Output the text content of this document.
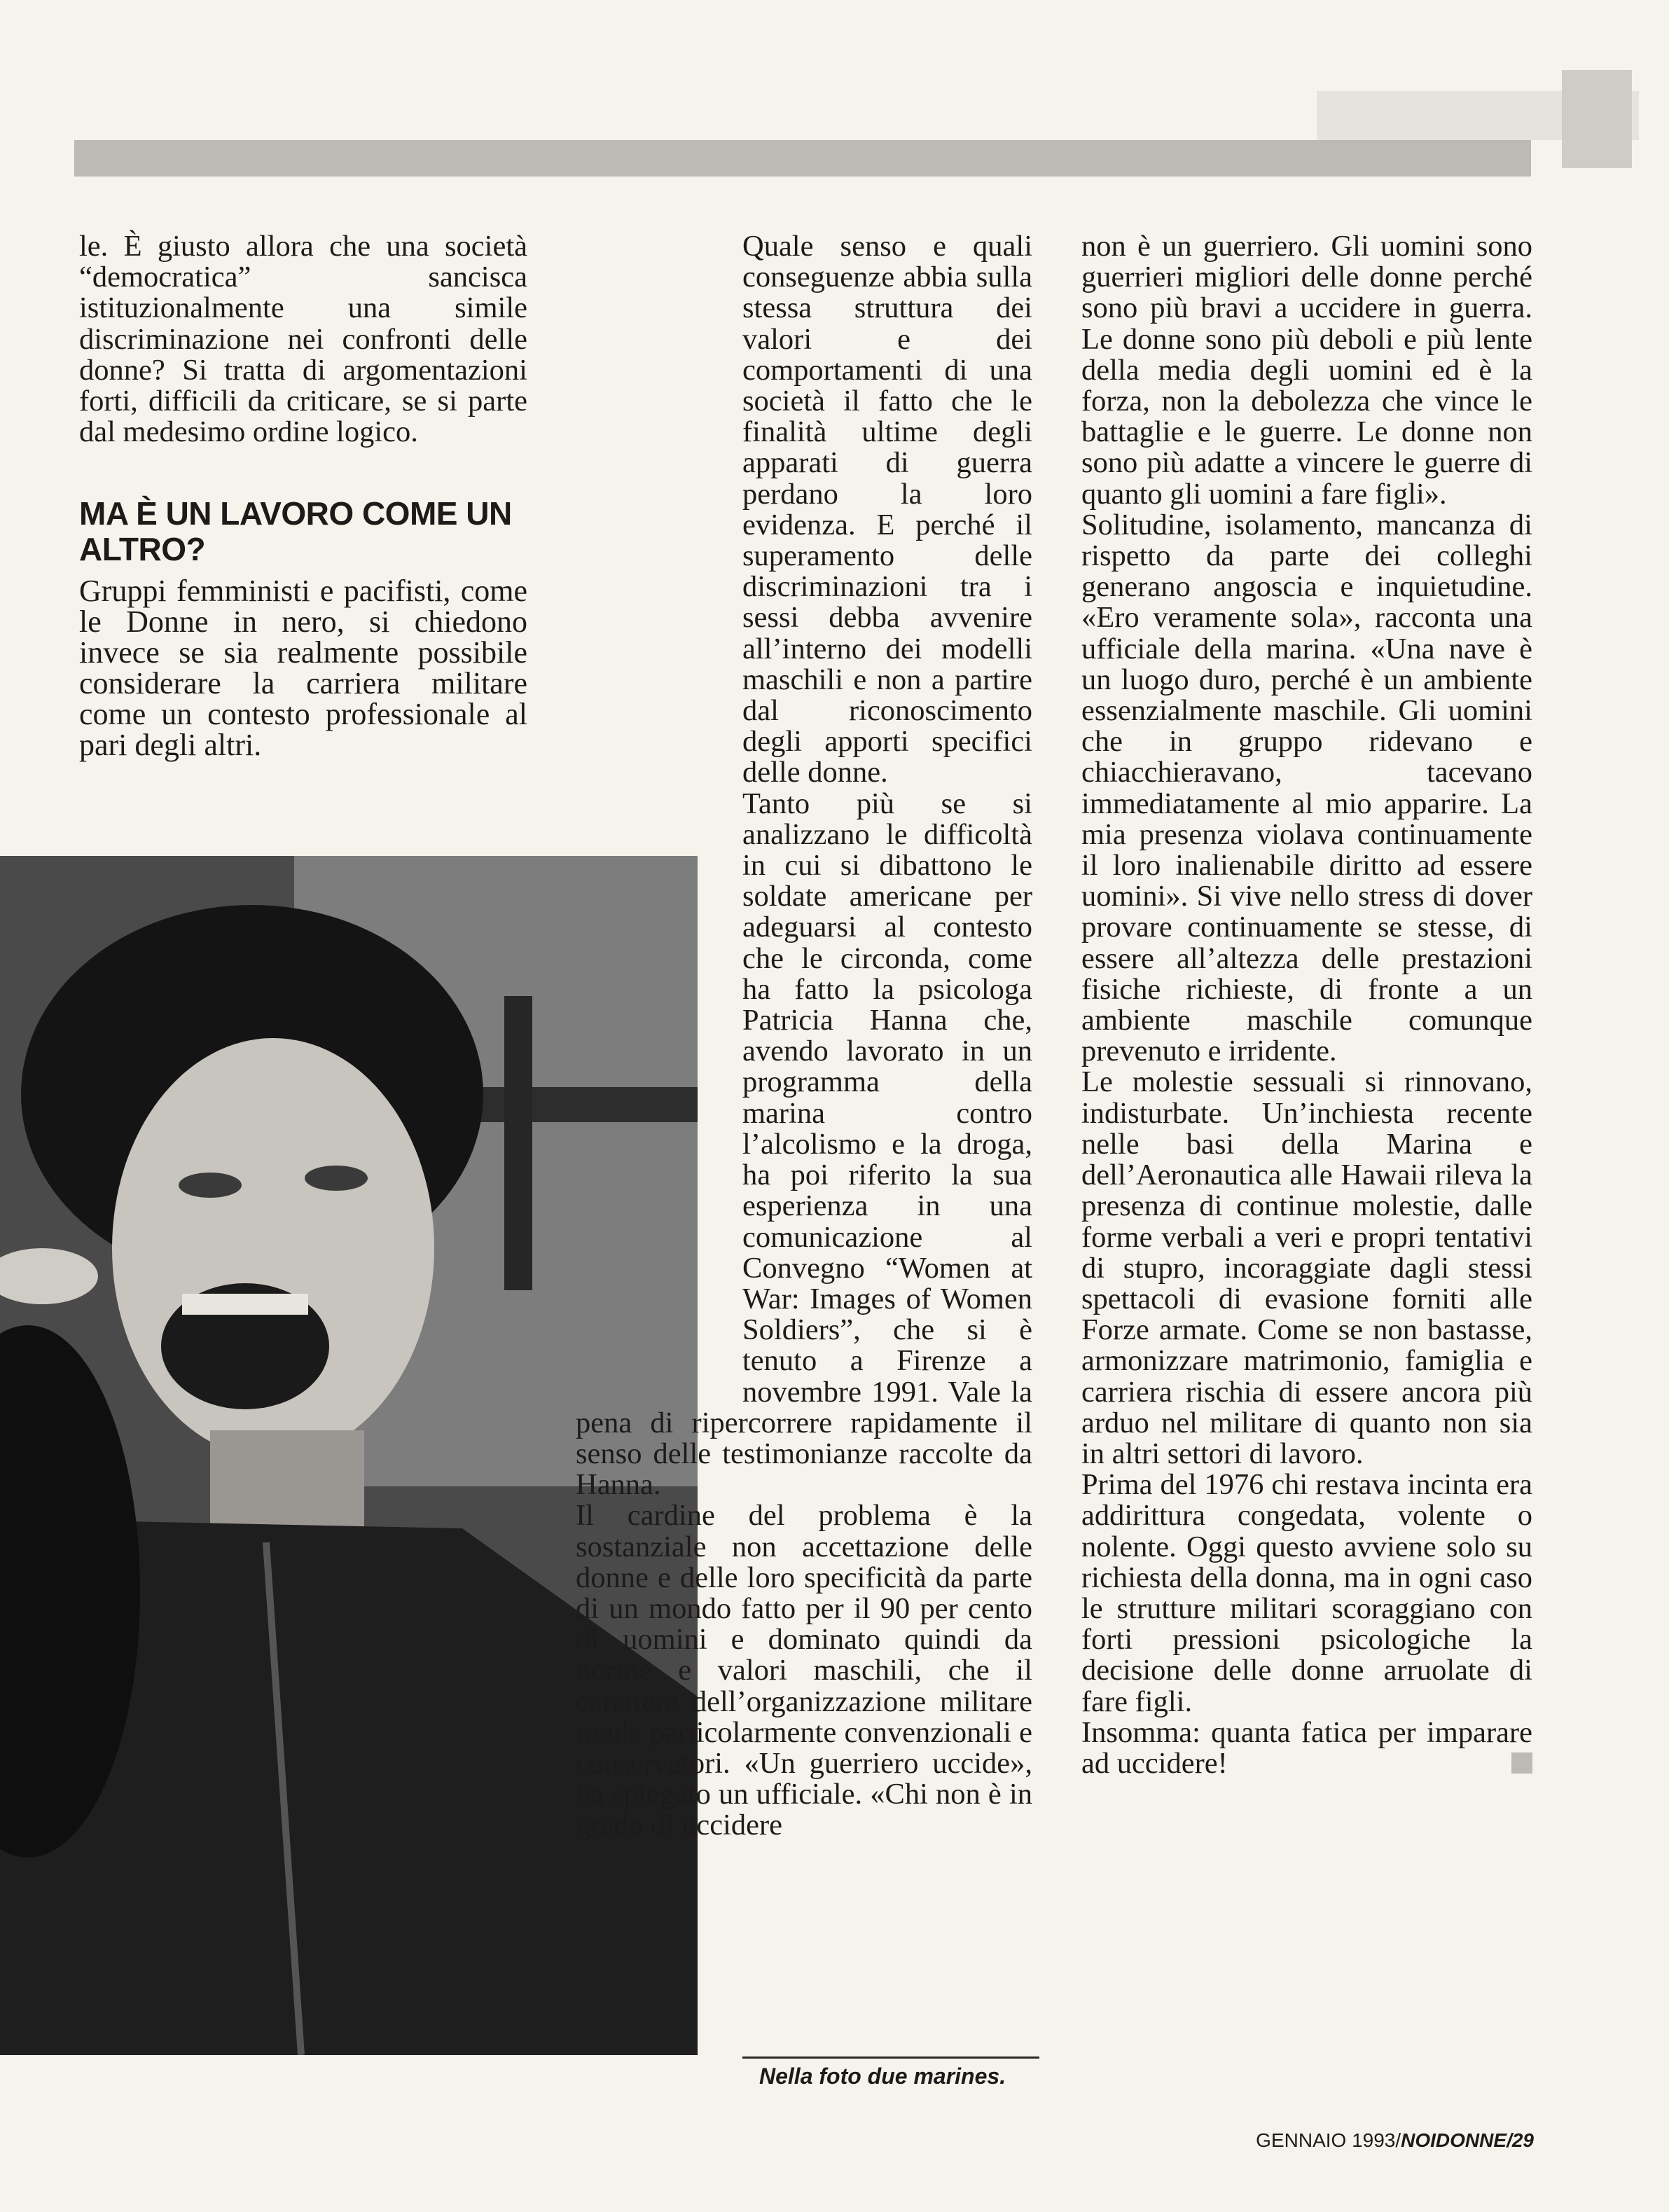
le. È giusto allora che una società “democratica” sancisca istituzionalmente una simile discriminazione nei confronti delle donne? Si tratta di argomentazioni forti, difficili da criticare, se si parte dal medesimo ordine logico.

MA È UN LAVORO COME UN ALTRO?

Gruppi femministi e pacifisti, come le Donne in nero, si chiedono invece se sia realmente possibile considerare la carriera militare come un contesto professionale al pari degli altri.

Quale senso e quali conseguenze abbia sulla stessa struttura dei valori e dei comportamenti di una società il fatto che le finalità ultime degli apparati di guerra perdano la loro evidenza. E perché il superamento delle discriminazioni tra i sessi debba avvenire all’interno dei modelli maschili e non a partire dal riconoscimento degli apporti specifici delle donne.

Tanto più se si analizzano le difficoltà in cui si dibattono le soldate americane per adeguarsi al contesto che le circonda, come ha fatto la psicologa Patricia Hanna che, avendo lavorato in un programma della marina contro l’alcolismo e la droga, ha poi riferito la sua esperienza in una comunicazione al Convegno “Women at War: Images of Women Soldiers”, che si è tenuto a Firenze a novembre 1991. Vale la pena di ripercorrere rapidamente il senso delle testimonianze raccolte da Hanna.

Il cardine del problema è la sostanziale non accettazione delle donne e delle loro specificità da parte di un mondo fatto per il 90 per cento di uomini e dominato quindi da norme e valori maschili, che il carattere dell’organizzazione militare rende particolarmente convenzionali e conservatori. «Un guerriero uccide», ha spiegato un ufficiale. «Chi non è in grado di uccidere

Nella foto due marines.

non è un guerriero. Gli uomini sono guerrieri migliori delle donne perché sono più bravi a uccidere in guerra. Le donne sono più deboli e più lente della media degli uomini ed è la forza, non la debolezza che vince le battaglie e le guerre. Le donne non sono più adatte a vincere le guerre di quanto gli uomini a fare figli».

Solitudine, isolamento, mancanza di rispetto da parte dei colleghi generano angoscia e inquietudine. «Ero veramente sola», racconta una ufficiale della marina. «Una nave è un luogo duro, perché è un ambiente essenzialmente maschile. Gli uomini che in gruppo ridevano e chiacchieravano, tacevano immediatamente al mio apparire. La mia presenza violava continuamente il loro inalienabile diritto ad essere uomini». Si vive nello stress di dover provare continuamente se stesse, di essere all’altezza delle prestazioni fisiche richieste, di fronte a un ambiente maschile comunque prevenuto e irridente.

Le molestie sessuali si rinnovano, indisturbate. Un’inchiesta recente nelle basi della Marina e dell’Aeronautica alle Hawaii rileva la presenza di continue molestie, dalle forme verbali a veri e propri tentativi di stupro, incoraggiate dagli stessi spettacoli di evasione forniti alle Forze armate. Come se non bastasse, armonizzare matrimonio, famiglia e carriera rischia di essere ancora più arduo nel militare di quanto non sia in altri settori di lavoro.

Prima del 1976 chi restava incinta era addirittura congedata, volente o nolente. Oggi questo avviene solo su richiesta della donna, ma in ogni caso le strutture militari scoraggiano con forti pressioni psicologiche la decisione delle donne arruolate di fare figli.

Insomma: quanta fatica per imparare ad uccidere!

GENNAIO 1993/NOIDONNE/29
